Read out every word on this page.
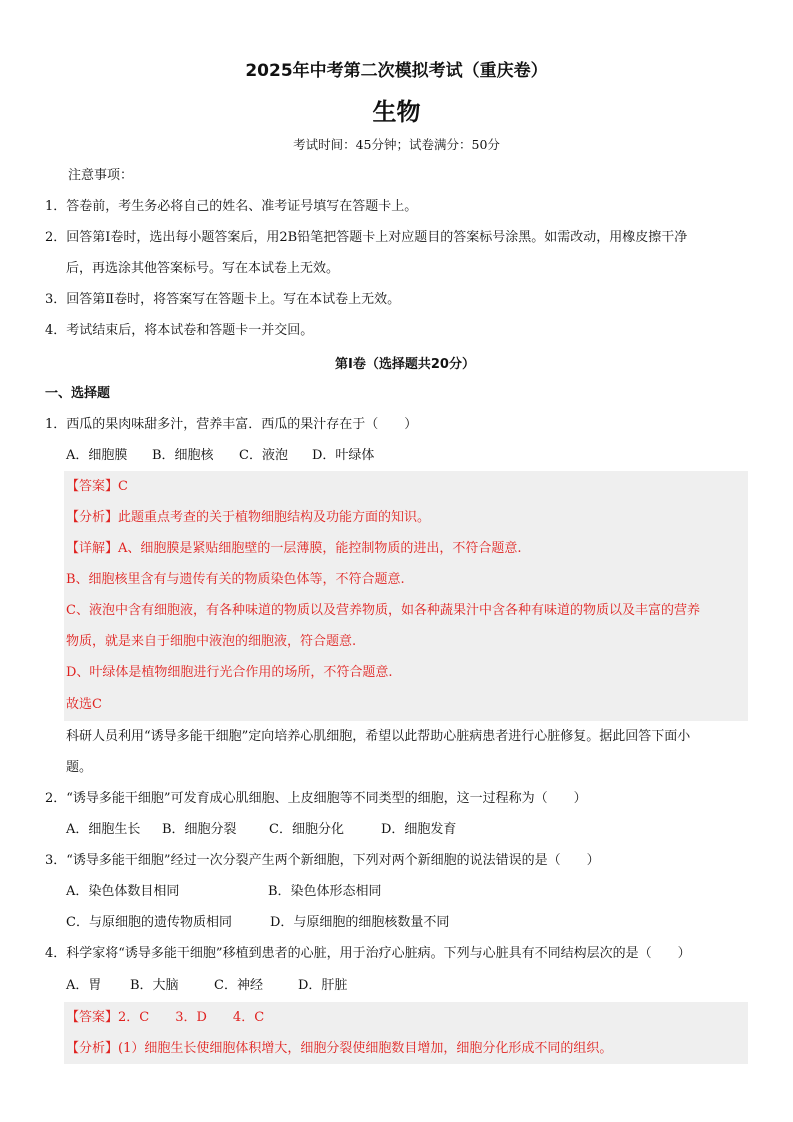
2025年中考第二次模拟考试（重庆卷）
生物
考试时间：45分钟；试卷满分：50分
注意事项：
1．答卷前，考生务必将自己的姓名、准考证号填写在答题卡上。
2．回答第Ⅰ卷时，选出每小题答案后，用2B铅笔把答题卡上对应题目的答案标号涂黑。如需改动，用橡皮擦干净
后，再选涂其他答案标号。写在本试卷上无效。
3．回答第Ⅱ卷时，将答案写在答题卡上。写在本试卷上无效。
4．考试结束后，将本试卷和答题卡一并交回。
第Ⅰ卷（选择题共20分）
一、选择题
1．西瓜的果肉味甜多汁，营养丰富．西瓜的果汁存在于（　　）
A．细胞膜 B．细胞核 C．液泡 D．叶绿体
【答案】C
【分析】此题重点考查的关于植物细胞结构及功能方面的知识。
【详解】A、细胞膜是紧贴细胞壁的一层薄膜，能控制物质的进出，不符合题意.
B、细胞核里含有与遗传有关的物质染色体等，不符合题意.
C、液泡中含有细胞液，有各种味道的物质以及营养物质，如各种蔬果汁中含各种有味道的物质以及丰富的营养
物质，就是来自于细胞中液泡的细胞液，符合题意.
D、叶绿体是植物细胞进行光合作用的场所，不符合题意.
故选C
科研人员利用“诱导多能干细胞”定向培养心肌细胞，希望以此帮助心脏病患者进行心脏修复。据此回答下面小
题。
2．“诱导多能干细胞”可发育成心肌细胞、上皮细胞等不同类型的细胞，这一过程称为（　　）
A．细胞生长 B．细胞分裂 C．细胞分化	D．细胞发育
3．“诱导多能干细胞”经过一次分裂产生两个新细胞，下列对两个新细胞的说法错误的是（　　）
A．染色体数目相同	B．染色体形态相同
C．与原细胞的遗传物质相同	D．与原细胞的细胞核数量不同
4．科学家将“诱导多能干细胞”移植到患者的心脏，用于治疗心脏病。下列与心脏具有不同结构层次的是（　　）
A．胃 B．大脑	C．神经	D．肝脏
【答案】2．C　　3．D　　4．C
【分析】(1）细胞生长使细胞体积增大，细胞分裂使细胞数目增加，细胞分化形成不同的组织。
